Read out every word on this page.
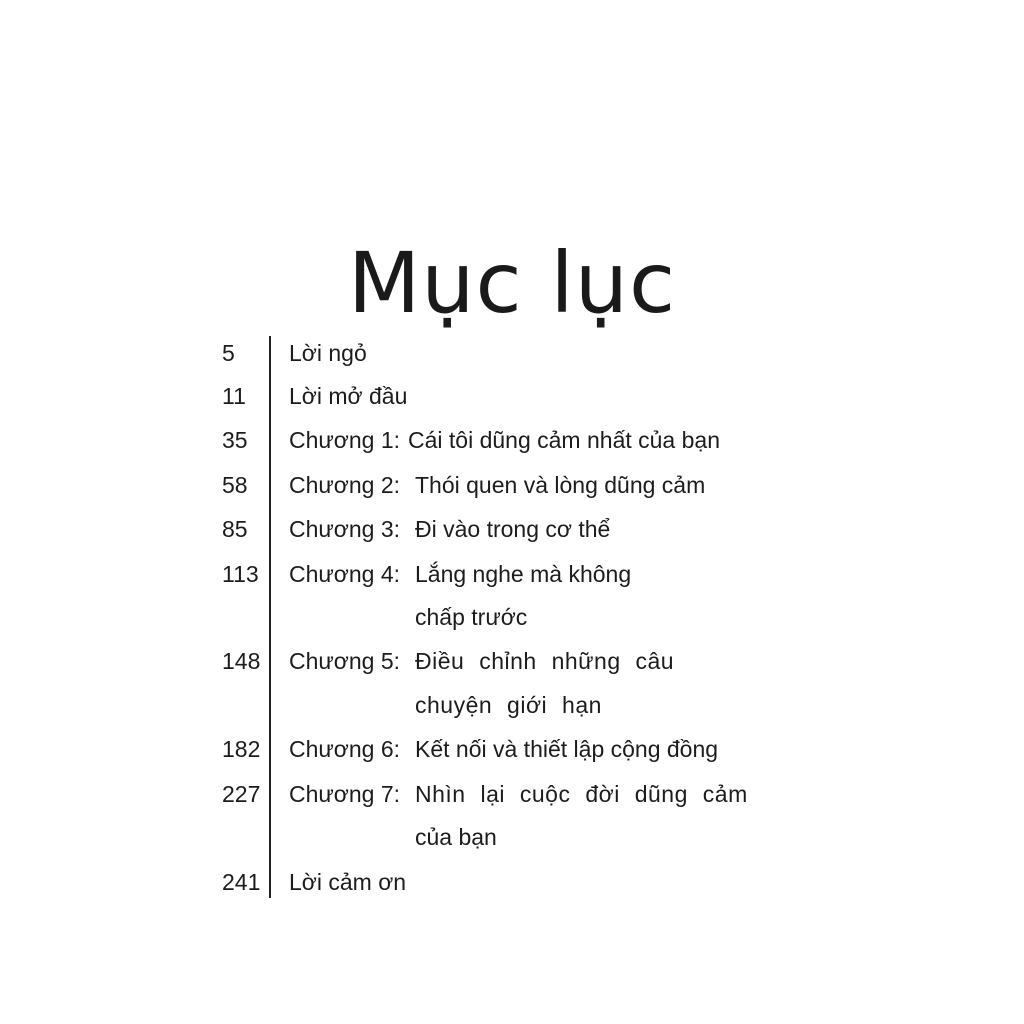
Mục lục
5	Lời ngỏ
11	Lời mở đầu
35	Chương 1: Cái tôi dũng cảm nhất của bạn
58	Chương 2: Thói quen và lòng dũng cảm
85	Chương 3: Đi vào trong cơ thể
113	Chương 4: Lắng nghe mà không
chấp trước
148 Chương 5: Điều chỉnh những câu
chuyện giới hạn
182 Chương 6: Kết nối và thiết lập cộng đồng
227 Chương 7: Nhìn lại cuộc đời dũng cảm
của bạn
241 Lời cảm ơn
